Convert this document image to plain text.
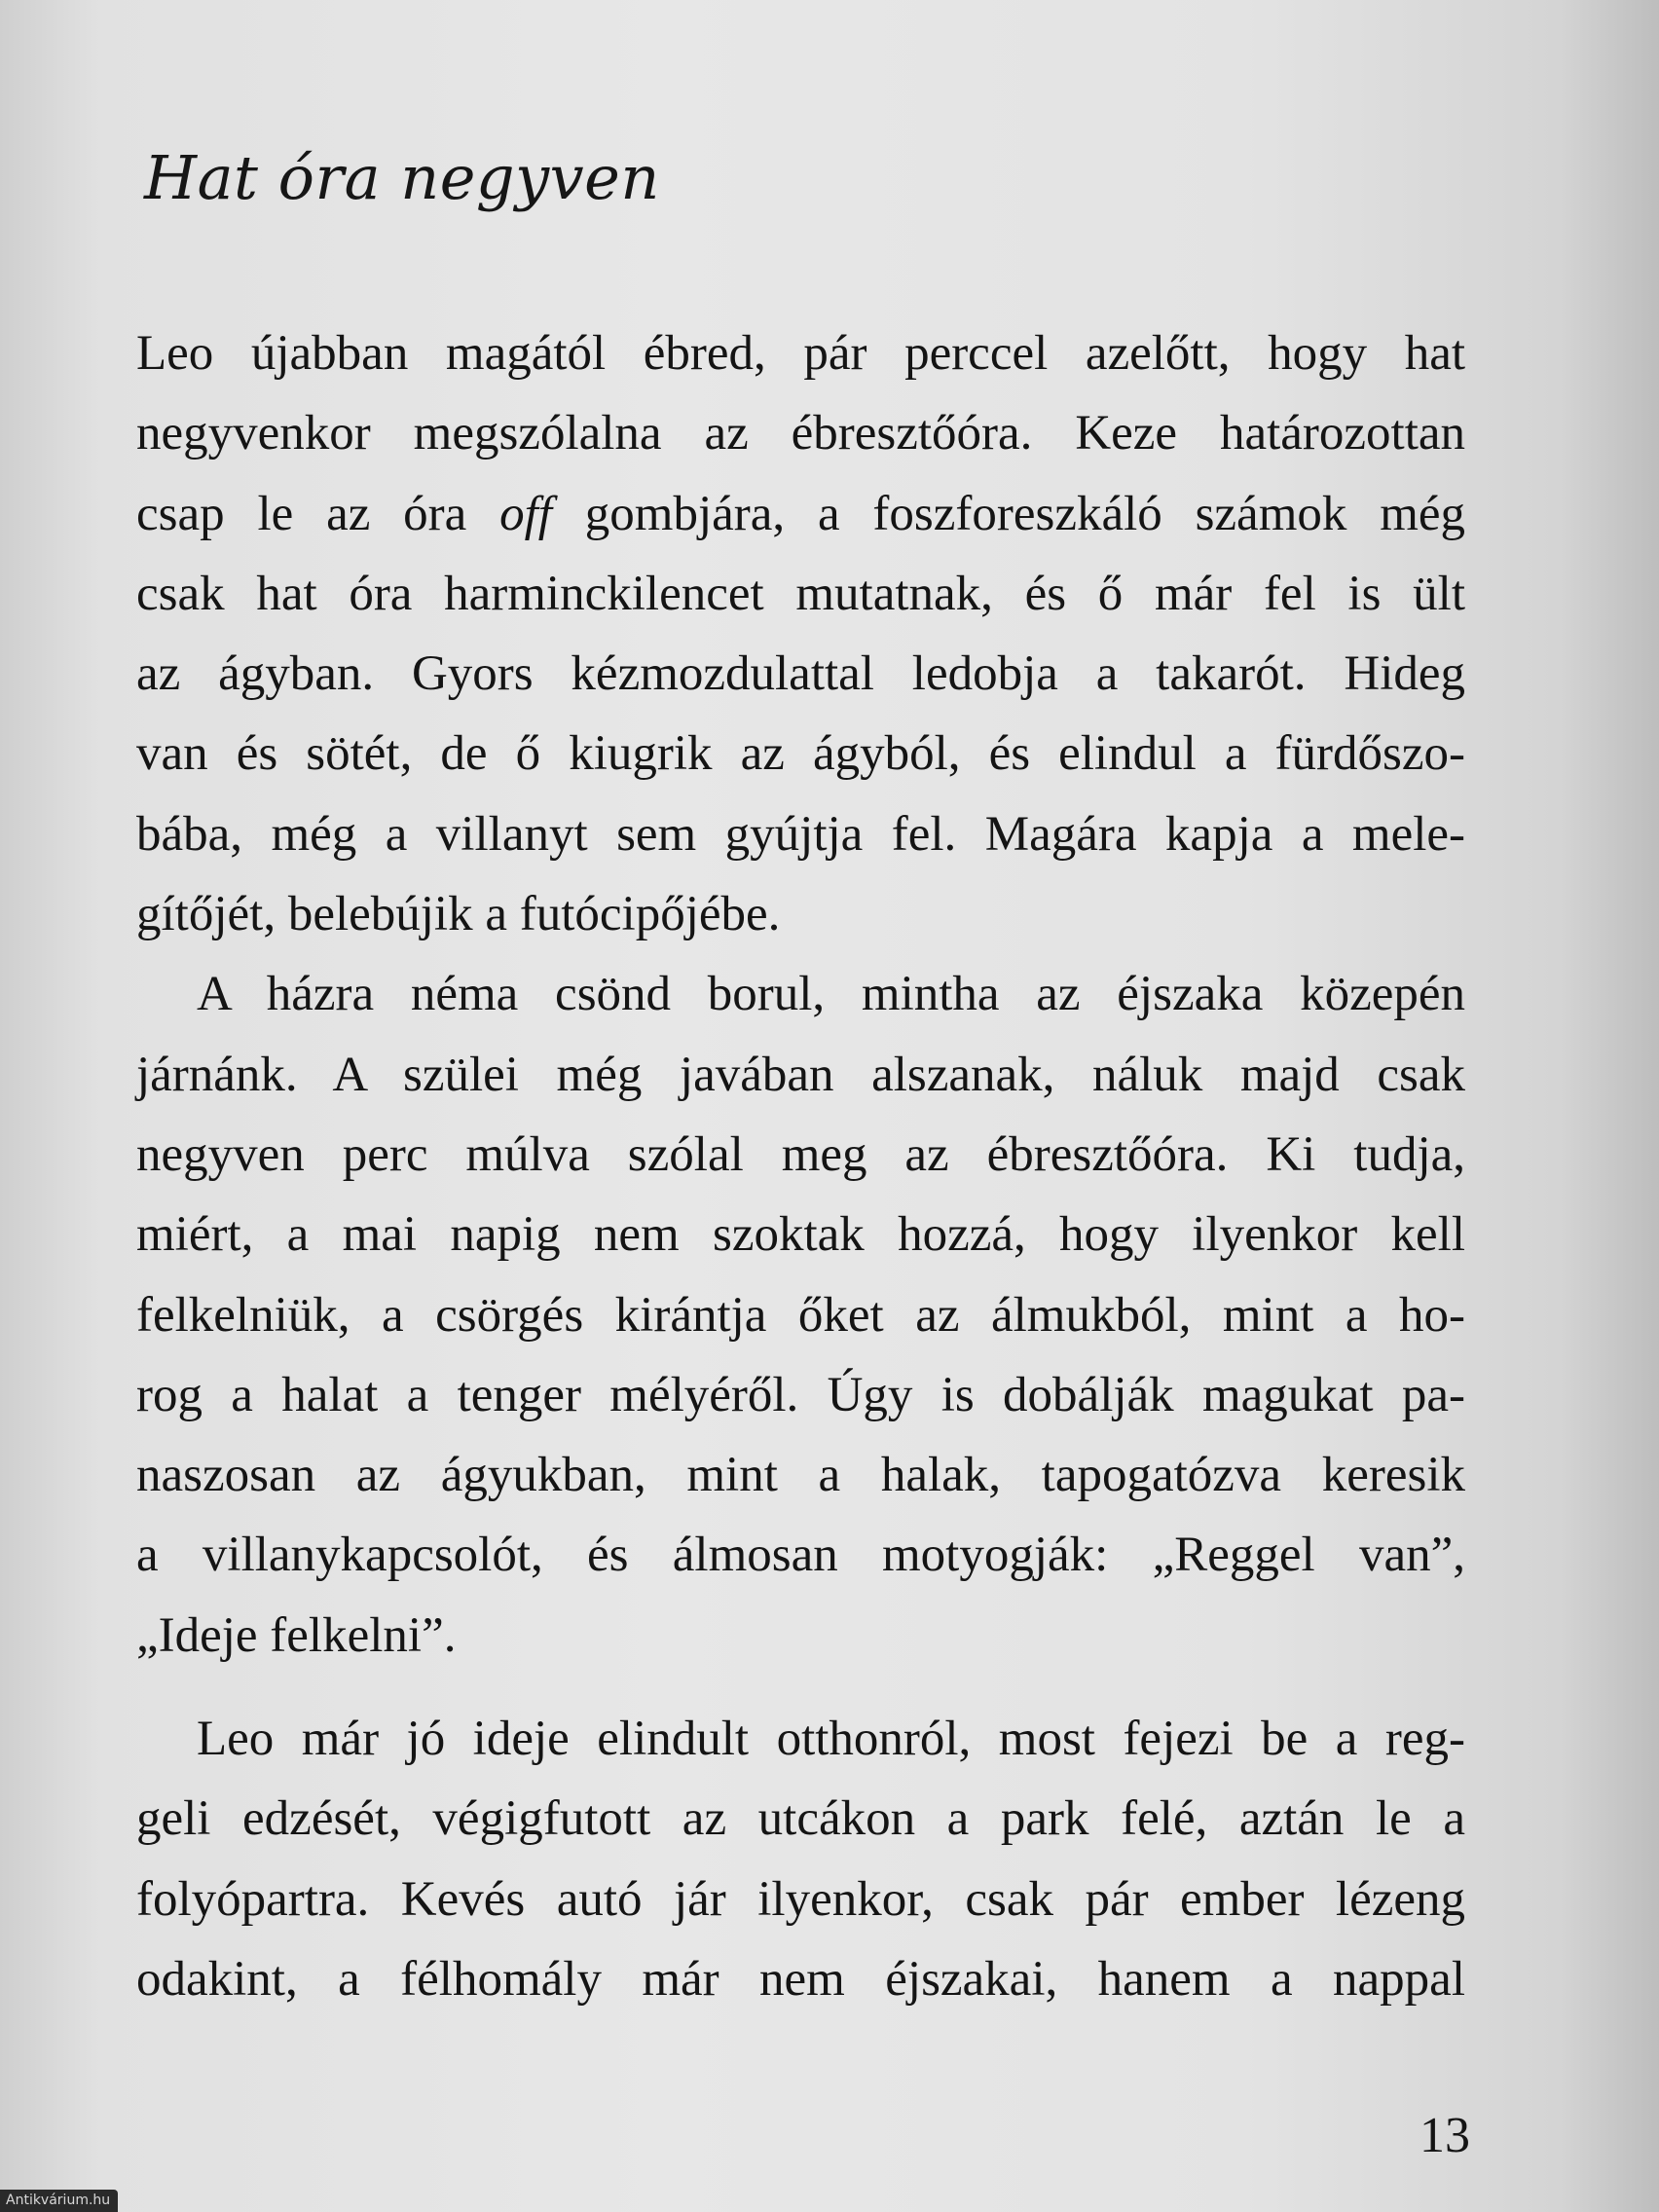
Hat óra negyven
Leo újabban magától ébred, pár perccel azelőtt, hogy hat
negyvenkor megszólalna az ébresztőóra. Keze határozottan
csap le az óra off gombjára, a foszforeszkáló számok még
csak hat óra harminckilencet mutatnak, és ő már fel is ült
az ágyban. Gyors kézmozdulattal ledobja a takarót. Hideg
van és sötét, de ő kiugrik az ágyból, és elindul a fürdőszo-
bába, még a villanyt sem gyújtja fel. Magára kapja a mele-
gítőjét, belebújik a futócipőjébe.
A házra néma csönd borul, mintha az éjszaka közepén
járnánk. A szülei még javában alszanak, náluk majd csak
negyven perc múlva szólal meg az ébresztőóra. Ki tudja,
miért, a mai napig nem szoktak hozzá, hogy ilyenkor kell
felkelniük, a csörgés kirántja őket az álmukból, mint a ho-
rog a halat a tenger mélyéről. Úgy is dobálják magukat pa-
naszosan az ágyukban, mint a halak, tapogatózva keresik
a villanykapcsolót, és álmosan motyogják: „Reggel van”,
„Ideje felkelni”.
Leo már jó ideje elindult otthonról, most fejezi be a reg-
geli edzését, végigfutott az utcákon a park felé, aztán le a
folyópartra. Kevés autó jár ilyenkor, csak pár ember lézeng
odakint, a félhomály már nem éjszakai, hanem a nappal
13
Antikvárium.hu
